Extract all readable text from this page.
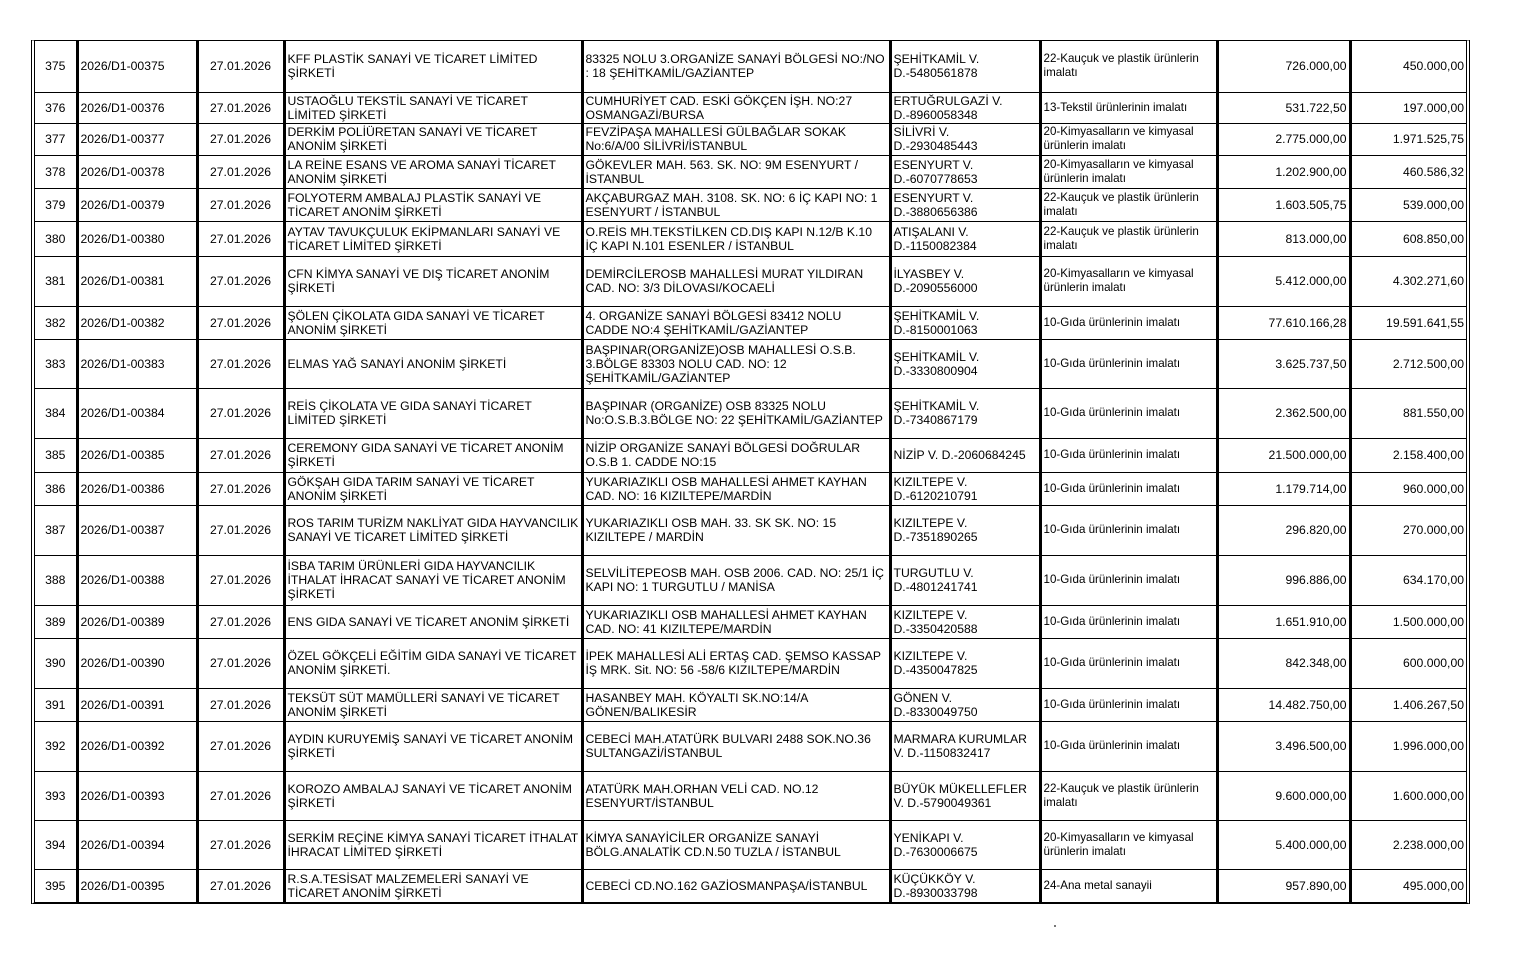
375	2026/D1-00375	27.01.2026	KFF PLASTİK SANAYİ VE TİCARET LİMİTED ŞİRKETİ	83325 NOLU 3.ORGANİZE SANAYİ BÖLGESİ NO:/NO : 18 ŞEHİTKAMİL/GAZİANTEP	ŞEHİTKAMİL V. D.-5480561878	22-Kauçuk ve plastik ürünlerin imalatı	726.000,00	450.000,00
376	2026/D1-00376	27.01.2026	USTAOĞLU TEKSTİL SANAYİ VE TİCARET LİMİTED ŞİRKETİ	CUMHURİYET CAD. ESKİ GÖKÇEN İŞH. NO:27 OSMANGAZİ/BURSA	ERTUĞRULGAZİ V. D.-8960058348	13-Tekstil ürünlerinin imalatı	531.722,50	197.000,00
377	2026/D1-00377	27.01.2026	DERKİM POLİÜRETAN SANAYİ VE TİCARET ANONİM ŞİRKETİ	FEVZİPAŞA MAHALLESİ GÜLBAĞLAR SOKAK No:6/A/00 SİLİVRİ/İSTANBUL	SİLİVRİ V. D.-2930485443	20-Kimyasalların ve kimyasal ürünlerin imalatı	2.775.000,00	1.971.525,75
378	2026/D1-00378	27.01.2026	LA REİNE ESANS VE AROMA SANAYİ TİCARET ANONİM ŞİRKETİ	GÖKEVLER MAH. 563. SK. NO: 9M ESENYURT / İSTANBUL	ESENYURT V. D.-6070778653	20-Kimyasalların ve kimyasal ürünlerin imalatı	1.202.900,00	460.586,32
379	2026/D1-00379	27.01.2026	FOLYOTERM AMBALAJ PLASTİK SANAYİ VE TİCARET ANONİM ŞİRKETİ	AKÇABURGAZ MAH. 3108. SK. NO: 6 İÇ KAPI NO: 1 ESENYURT / İSTANBUL	ESENYURT V. D.-3880656386	22-Kauçuk ve plastik ürünlerin imalatı	1.603.505,75	539.000,00
380	2026/D1-00380	27.01.2026	AYTAV TAVUKÇULUK EKİPMANLARI SANAYİ VE TİCARET LİMİTED ŞİRKETİ	O.REİS MH.TEKSTİLKEN CD.DIŞ KAPI N.12/B K.10 İÇ KAPI N.101 ESENLER / İSTANBUL	ATIŞALANI V. D.-1150082384	22-Kauçuk ve plastik ürünlerin imalatı	813.000,00	608.850,00
381	2026/D1-00381	27.01.2026	CFN KİMYA SANAYİ VE DIŞ TİCARET ANONİM ŞİRKETİ	DEMİRCİLEROSB MAHALLESİ MURAT YILDIRAN CAD. NO: 3/3 DİLOVASI/KOCAELİ	İLYASBEY V. D.-2090556000	20-Kimyasalların ve kimyasal ürünlerin imalatı	5.412.000,00	4.302.271,60
382	2026/D1-00382	27.01.2026	ŞÖLEN ÇİKOLATA GIDA SANAYİ VE TİCARET ANONİM ŞİRKETİ	4. ORGANİZE SANAYİ BÖLGESİ 83412 NOLU CADDE NO:4 ŞEHİTKAMİL/GAZİANTEP	ŞEHİTKAMİL V. D.-8150001063	10-Gıda ürünlerinin imalatı	77.610.166,28	19.591.641,55
383	2026/D1-00383	27.01.2026	ELMAS YAĞ SANAYİ ANONİM ŞİRKETİ	BAŞPINAR(ORGANİZE)OSB MAHALLESİ O.S.B. 3.BÖLGE 83303 NOLU CAD. NO: 12 ŞEHİTKAMİL/GAZİANTEP	ŞEHİTKAMİL V. D.-3330800904	10-Gıda ürünlerinin imalatı	3.625.737,50	2.712.500,00
384	2026/D1-00384	27.01.2026	REİS ÇİKOLATA VE GIDA SANAYİ TİCARET LİMİTED ŞİRKETİ	BAŞPINAR (ORGANİZE) OSB 83325 NOLU No:O.S.B.3.BÖLGE NO: 22 ŞEHİTKAMİL/GAZİANTEP	ŞEHİTKAMİL V. D.-7340867179	10-Gıda ürünlerinin imalatı	2.362.500,00	881.550,00
385	2026/D1-00385	27.01.2026	CEREMONY GIDA SANAYİ VE TİCARET ANONİM ŞİRKETİ	NİZİP ORGANİZE SANAYİ BÖLGESİ DOĞRULAR O.S.B 1. CADDE NO:15	NİZİP V. D.-2060684245	10-Gıda ürünlerinin imalatı	21.500.000,00	2.158.400,00
386	2026/D1-00386	27.01.2026	GÖKŞAH GIDA TARIM SANAYİ VE TİCARET ANONİM ŞİRKETİ	YUKARIAZIKLI OSB MAHALLESİ AHMET KAYHAN CAD. NO: 16 KIZILTEPE/MARDİN	KIZILTEPE V. D.-6120210791	10-Gıda ürünlerinin imalatı	1.179.714,00	960.000,00
387	2026/D1-00387	27.01.2026	ROS TARIM TURİZM NAKLİYAT GIDA HAYVANCILIK SANAYİ VE TİCARET LİMİTED ŞİRKETİ	YUKARIAZIKLI OSB MAH. 33. SK SK. NO: 15 KIZILTEPE / MARDİN	KIZILTEPE V. D.-7351890265	10-Gıda ürünlerinin imalatı	296.820,00	270.000,00
388	2026/D1-00388	27.01.2026	İSBA TARIM ÜRÜNLERİ GIDA HAYVANCILIK İTHALAT İHRACAT SANAYİ VE TİCARET ANONİM ŞİRKETİ	SELVİLİTEPEOSB MAH. OSB 2006. CAD. NO: 25/1 İÇ KAPI NO: 1 TURGUTLU / MANİSA	TURGUTLU V. D.-4801241741	10-Gıda ürünlerinin imalatı	996.886,00	634.170,00
389	2026/D1-00389	27.01.2026	ENS GIDA SANAYİ VE TİCARET ANONİM ŞİRKETİ	YUKARIAZIKLI OSB MAHALLESİ AHMET KAYHAN CAD. NO: 41 KIZILTEPE/MARDİN	KIZILTEPE V. D.-3350420588	10-Gıda ürünlerinin imalatı	1.651.910,00	1.500.000,00
390	2026/D1-00390	27.01.2026	ÖZEL GÖKÇELİ EĞİTİM GIDA SANAYİ VE TİCARET ANONİM ŞİRKETİ.	İPEK MAHALLESİ ALİ ERTAŞ CAD. ŞEMSO KASSAP İŞ MRK. Sit. NO: 56 -58/6 KIZILTEPE/MARDİN	KIZILTEPE V. D.-4350047825	10-Gıda ürünlerinin imalatı	842.348,00	600.000,00
391	2026/D1-00391	27.01.2026	TEKSÜT SÜT MAMÜLLERİ SANAYİ VE TİCARET ANONİM ŞİRKETİ	HASANBEY MAH. KÖYALTI SK.NO:14/A GÖNEN/BALIKESİR	GÖNEN V. D.-8330049750	10-Gıda ürünlerinin imalatı	14.482.750,00	1.406.267,50
392	2026/D1-00392	27.01.2026	AYDIN KURUYEMİŞ SANAYİ VE TİCARET ANONİM ŞİRKETİ	CEBECİ MAH.ATATÜRK BULVARI 2488 SOK.NO.36 SULTANGAZİ/İSTANBUL	MARMARA KURUMLAR V. D.-1150832417	10-Gıda ürünlerinin imalatı	3.496.500,00	1.996.000,00
393	2026/D1-00393	27.01.2026	KOROZO AMBALAJ SANAYİ VE TİCARET ANONİM ŞİRKETİ	ATATÜRK MAH.ORHAN VELİ CAD. NO.12 ESENYURT/İSTANBUL	BÜYÜK MÜKELLEFLER V. D.-5790049361	22-Kauçuk ve plastik ürünlerin imalatı	9.600.000,00	1.600.000,00
394	2026/D1-00394	27.01.2026	SERKİM REÇİNE KİMYA SANAYİ TİCARET İTHALAT İHRACAT LİMİTED ŞİRKETİ	KİMYA SANAYİCİLER ORGANİZE SANAYİ BÖLG.ANALATİK CD.N.50 TUZLA / İSTANBUL	YENİKAPI V. D.-7630006675	20-Kimyasalların ve kimyasal ürünlerin imalatı	5.400.000,00	2.238.000,00
395	2026/D1-00395	27.01.2026	R.S.A.TESİSAT MALZEMELERİ SANAYİ VE TİCARET ANONİM ŞİRKETİ	CEBECİ CD.NO.162 GAZİOSMANPAŞA/İSTANBUL	KÜÇÜKKÖY V. D.-8930033798	24-Ana metal sanayii	957.890,00	495.000,00
